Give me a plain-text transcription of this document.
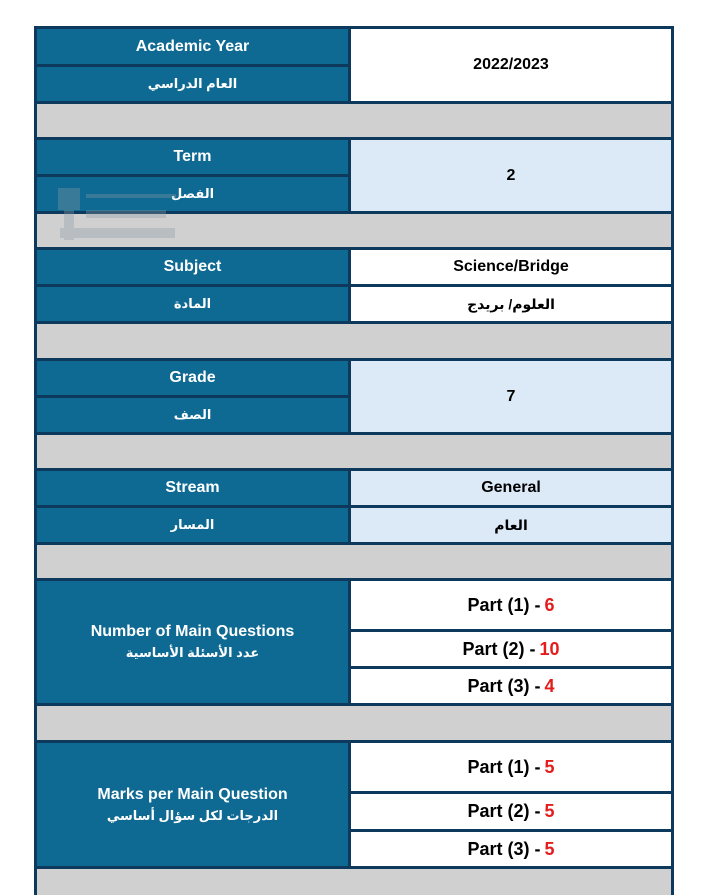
Academic Year
العام الدراسي
2022/2023
Term
الفصل
2
Subject
المادة
Science/Bridge
العلوم/ بريدج
Grade
الصف
7
Stream
المسار
General
العام
Number of Main Questions
عدد الأسئلة الأساسية
Part (1) - 6
Part (2) - 10
Part (3) - 4
Marks per Main Question
الدرجات لكل سؤال أساسي
Part (1) - 5
Part (2) - 5
Part (3) - 5
